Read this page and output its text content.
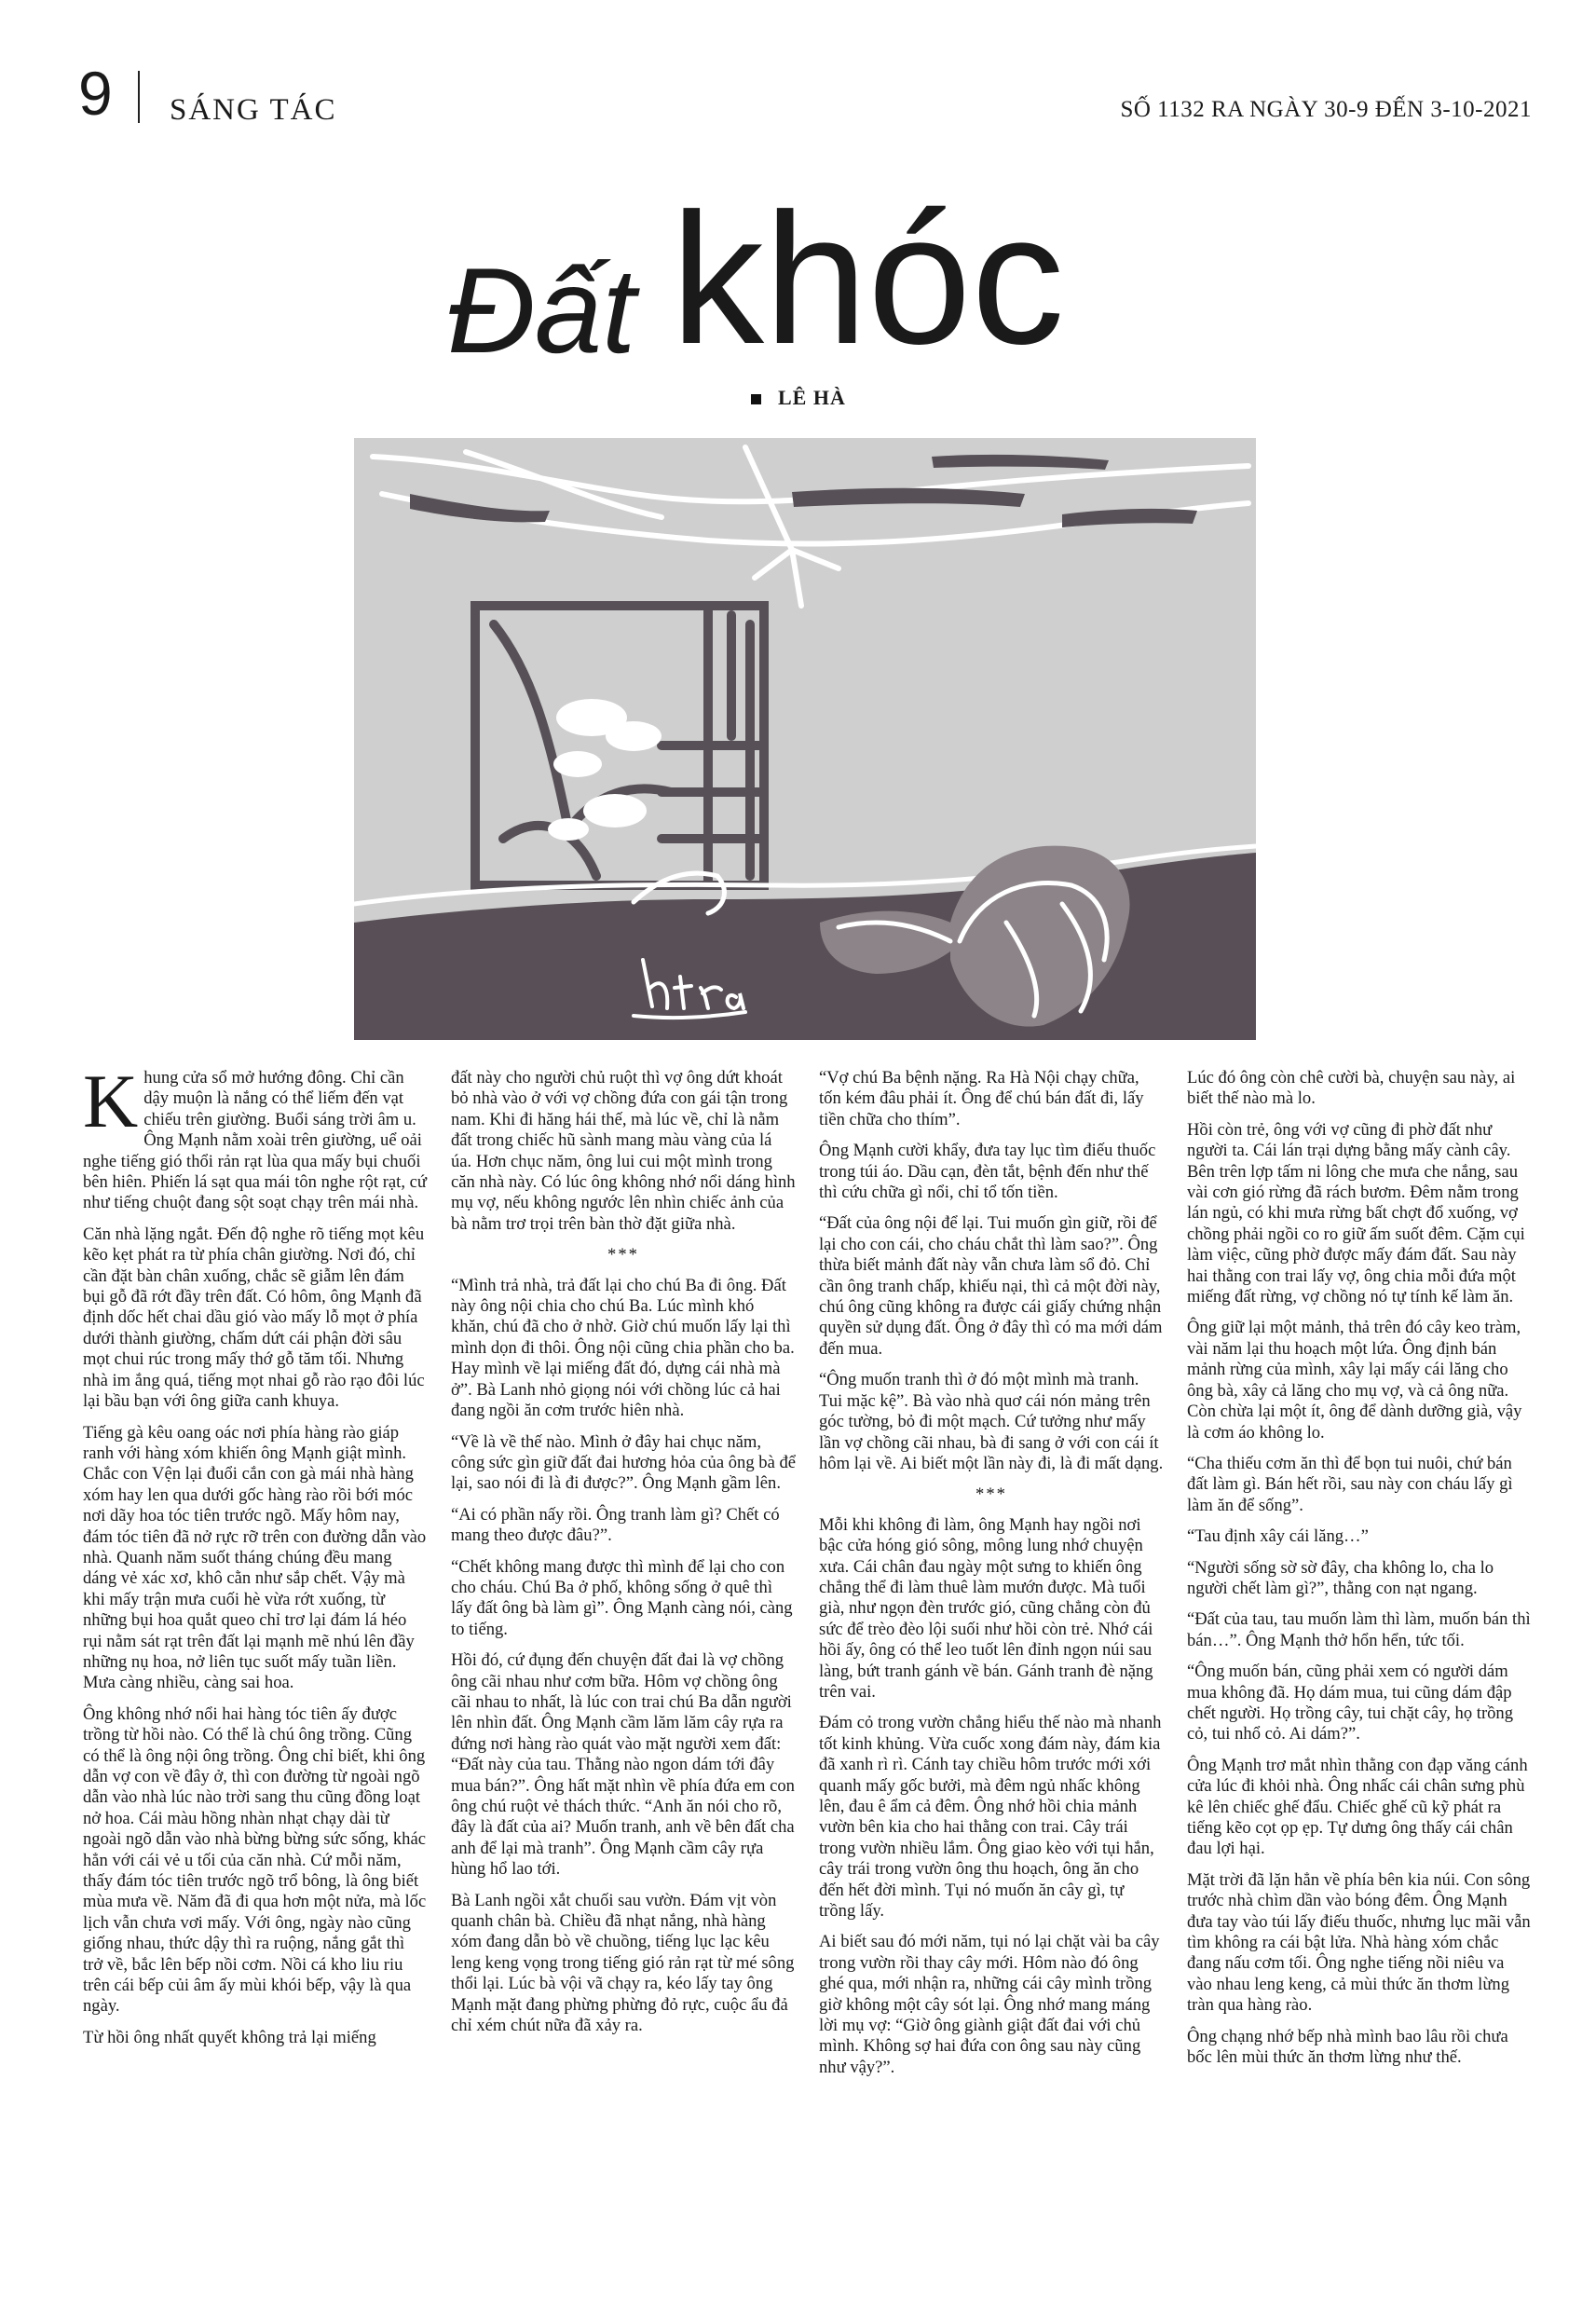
9 SÁNG TÁC	SỐ 1132 RA NGÀY 30-9 ĐẾN 3-10-2021
Đất khóc
LÊ HÀ

Khung cửa sổ mở hướng đông. Chỉ cần dậy muộn là nắng có thể liếm đến vạt chiếu trên giường. Buổi sáng trời âm u. Ông Mạnh nằm xoài trên giường, uể oải nghe tiếng gió thổi rản rạt lùa qua mấy bụi chuối bên hiên. Phiến lá sạt qua mái tôn nghe rột rạt, cứ như tiếng chuột đang sột soạt chạy trên mái nhà.

Căn nhà lặng ngắt. Đến độ nghe rõ tiếng mọt kêu kẽo kẹt phát ra từ phía chân giường. Nơi đó, chỉ cần đặt bàn chân xuống, chắc sẽ giẫm lên đám bụi gỗ đã rớt đầy trên đất. Có hôm, ông Mạnh đã định dốc hết chai dầu gió vào mấy lỗ mọt ở phía dưới thành giường, chấm dứt cái phận đời sâu mọt chui rúc trong mấy thớ gỗ tăm tối. Nhưng nhà im ắng quá, tiếng mọt nhai gỗ rào rạo đôi lúc lại bầu bạn với ông giữa canh khuya.

Tiếng gà kêu oang oác nơi phía hàng rào giáp ranh với hàng xóm khiến ông Mạnh giật mình. Chắc con Vện lại đuổi cắn con gà mái nhà hàng xóm hay len qua dưới gốc hàng rào rồi bới móc nơi dãy hoa tóc tiên trước ngõ. Mấy hôm nay, đám tóc tiên đã nở rực rỡ trên con đường dẫn vào nhà. Quanh năm suốt tháng chúng đều mang dáng vẻ xác xơ, khô cằn như sắp chết. Vậy mà khi mấy trận mưa cuối hè vừa rớt xuống, từ những bụi hoa quắt queo chỉ trơ lại đám lá héo rụi nằm sát rạt trên đất lại mạnh mẽ nhú lên đầy những nụ hoa, nở liên tục suốt mấy tuần liền. Mưa càng nhiều, càng sai hoa.

Ông không nhớ nổi hai hàng tóc tiên ấy được trồng từ hồi nào. Có thể là chú ông trồng. Cũng có thể là ông nội ông trồng. Ông chỉ biết, khi ông dẫn vợ con về đây ở, thì con đường từ ngoài ngõ dẫn vào nhà lúc nào trời sang thu cũng đồng loạt nở hoa. Cái màu hồng nhàn nhạt chạy dài từ ngoài ngõ dẫn vào nhà bừng bừng sức sống, khác hẳn với cái vẻ u tối của căn nhà. Cứ mỗi năm, thấy đám tóc tiên trước ngõ trổ bông, là ông biết mùa mưa về. Năm đã đi qua hơn một nửa, mà lốc lịch vẫn chưa vơi mấy. Với ông, ngày nào cũng giống nhau, thức dậy thì ra ruộng, nắng gắt thì trở về, bắc lên bếp nồi cơm. Nồi cá kho liu riu trên cái bếp củi âm ấy mùi khói bếp, vậy là qua ngày.

Từ hồi ông nhất quyết không trả lại miếng

đất này cho người chủ ruột thì vợ ông dứt khoát bỏ nhà vào ở với vợ chồng đứa con gái tận trong nam. Khi đi hăng hái thế, mà lúc về, chỉ là nằm đất trong chiếc hũ sành mang màu vàng của lá úa. Hơn chục năm, ông lui cui một mình trong căn nhà này. Có lúc ông không nhớ nổi dáng hình mụ vợ, nếu không ngước lên nhìn chiếc ảnh của bà nằm trơ trọi trên bàn thờ đặt giữa nhà.

***

“Mình trả nhà, trả đất lại cho chú Ba đi ông. Đất này ông nội chia cho chú Ba. Lúc mình khó khăn, chú đã cho ở nhờ. Giờ chú muốn lấy lại thì mình dọn đi thôi. Ông nội cũng chia phần cho ba. Hay mình về lại miếng đất đó, dựng cái nhà mà ở”. Bà Lanh nhỏ giọng nói với chồng lúc cả hai đang ngồi ăn cơm trước hiên nhà.

“Về là về thế nào. Mình ở đây hai chục năm, công sức gìn giữ đất đai hương hỏa của ông bà để lại, sao nói đi là đi được?”. Ông Mạnh gầm lên.

“Ai có phần nấy rồi. Ông tranh làm gì? Chết có mang theo được đâu?”.

“Chết không mang được thì mình để lại cho con cho cháu. Chú Ba ở phố, không sống ở quê thì lấy đất ông bà làm gì”. Ông Mạnh càng nói, càng to tiếng.

Hồi đó, cứ đụng đến chuyện đất đai là vợ chồng ông cãi nhau như cơm bữa. Hôm vợ chồng ông cãi nhau to nhất, là lúc con trai chú Ba dẫn người lên nhìn đất. Ông Mạnh cầm lăm lăm cây rựa ra đứng nơi hàng rào quát vào mặt người xem đất: “Đất này của tau. Thằng nào ngon dám tới đây mua bán?”. Ông hất mặt nhìn về phía đứa em con ông chú ruột vẻ thách thức. “Anh ăn nói cho rõ, đây là đất của ai? Muốn tranh, anh về bên đất cha anh để lại mà tranh”. Ông Mạnh cầm cây rựa hùng hổ lao tới.

Bà Lanh ngồi xắt chuối sau vườn. Đám vịt vòn quanh chân bà. Chiều đã nhạt nắng, nhà hàng xóm đang dẫn bò về chuồng, tiếng lục lạc kêu leng keng vọng trong tiếng gió rản rạt từ mé sông thổi lại. Lúc bà vội vã chạy ra, kéo lấy tay ông Mạnh mặt đang phừng phừng đỏ rực, cuộc ẩu đả chỉ xém chút nữa đã xảy ra.

“Vợ chú Ba bệnh nặng. Ra Hà Nội chạy chữa, tốn kém đâu phải ít. Ông để chú bán đất đi, lấy tiền chữa cho thím”.

Ông Mạnh cười khẩy, đưa tay lục tìm điếu thuốc trong túi áo. Dầu cạn, đèn tắt, bệnh đến như thế thì cứu chữa gì nổi, chỉ tổ tốn tiền.

“Đất của ông nội để lại. Tui muốn gìn giữ, rồi để lại cho con cái, cho cháu chắt thì làm sao?”. Ông thừa biết mảnh đất này vẫn chưa làm sổ đỏ. Chỉ cần ông tranh chấp, khiếu nại, thì cả một đời này, chú ông cũng không ra được cái giấy chứng nhận quyền sử dụng đất. Ông ở đây thì có ma mới dám đến mua.

“Ông muốn tranh thì ở đó một mình mà tranh. Tui mặc kệ”. Bà vào nhà quơ cái nón mảng trên góc tường, bỏ đi một mạch. Cứ tưởng như mấy lần vợ chồng cãi nhau, bà đi sang ở với con cái ít hôm lại về. Ai biết một lần này đi, là đi mất dạng.

***

Mỗi khi không đi làm, ông Mạnh hay ngồi nơi bậc cửa hóng gió sông, mông lung nhớ chuyện xưa. Cái chân đau ngày một sưng to khiến ông chẳng thể đi làm thuê làm mướn được. Mà tuổi già, như ngọn đèn trước gió, cũng chẳng còn đủ sức để trèo đèo lội suối như hồi còn trẻ. Nhớ cái hồi ấy, ông có thể leo tuốt lên đỉnh ngọn núi sau làng, bứt tranh gánh về bán. Gánh tranh đè nặng trên vai.

Đám cỏ trong vườn chẳng hiểu thế nào mà nhanh tốt kinh khủng. Vừa cuốc xong đám này, đám kia đã xanh rì rì. Cánh tay chiều hôm trước mới xới quanh mấy gốc bưởi, mà đêm ngủ nhấc không lên, đau ê ẩm cả đêm. Ông nhớ hồi chia mảnh vườn bên kia cho hai thằng con trai. Cây trái trong vườn nhiều lắm. Ông giao kèo với tụi hắn, cây trái trong vườn ông thu hoạch, ông ăn cho đến hết đời mình. Tụi nó muốn ăn cây gì, tự trồng lấy.

Ai biết sau đó mới năm, tụi nó lại chặt vài ba cây trong vườn rồi thay cây mới. Hôm nào đó ông ghé qua, mới nhận ra, những cái cây mình trồng giờ không một cây sót lại. Ông nhớ mang máng lời mụ vợ: “Giờ ông giành giật đất đai với chủ mình. Không sợ hai đứa con ông sau này cũng như vậy?”.

Lúc đó ông còn chê cười bà, chuyện sau này, ai biết thế nào mà lo.

Hồi còn trẻ, ông với vợ cũng đi phờ đất như người ta. Cái lán trại dựng bằng mấy cành cây. Bên trên lợp tấm ni lông che mưa che nắng, sau vài cơn gió rừng đã rách bươm. Đêm nằm trong lán ngủ, có khi mưa rừng bất chợt đổ xuống, vợ chồng phải ngồi co ro giữ ấm suốt đêm. Cặm cụi làm việc, cũng phờ được mấy đám đất. Sau này hai thằng con trai lấy vợ, ông chia mỗi đứa một miếng đất rừng, vợ chồng nó tự tính kế làm ăn.

Ông giữ lại một mảnh, thả trên đó cây keo tràm, vài năm lại thu hoạch một lứa. Ông định bán mảnh rừng của mình, xây lại mấy cái lăng cho ông bà, xây cả lăng cho mụ vợ, và cả ông nữa. Còn chừa lại một ít, ông để dành dưỡng già, vậy là cơm áo không lo.

“Cha thiếu cơm ăn thì để bọn tui nuôi, chứ bán đất làm gì. Bán hết rồi, sau này con cháu lấy gì làm ăn để sống”.

“Tau định xây cái lăng…”

“Người sống sờ sờ đây, cha không lo, cha lo người chết làm gì?”, thằng con nạt ngang.

“Đất của tau, tau muốn làm thì làm, muốn bán thì bán…”. Ông Mạnh thở hổn hển, tức tối.

“Ông muốn bán, cũng phải xem có người dám mua không đã. Họ dám mua, tui cũng dám đập chết người. Họ trồng cây, tui chặt cây, họ trồng cỏ, tui nhổ cỏ. Ai dám?”.

Ông Mạnh trơ mắt nhìn thằng con đạp văng cánh cửa lúc đi khỏi nhà. Ông nhấc cái chân sưng phù kê lên chiếc ghế đẩu. Chiếc ghế cũ kỹ phát ra tiếng kẽo cọt ọp ẹp. Tự dưng ông thấy cái chân đau lợi hại.

Mặt trời đã lặn hẳn về phía bên kia núi. Con sông trước nhà chìm dần vào bóng đêm. Ông Mạnh đưa tay vào túi lấy điếu thuốc, nhưng lục mãi vẫn tìm không ra cái bật lửa. Nhà hàng xóm chắc đang nấu cơm tối. Ông nghe tiếng nồi niêu va vào nhau leng keng, cả mùi thức ăn thơm lừng tràn qua hàng rào.

Ông chạng nhớ bếp nhà mình bao lâu rồi chưa bốc lên mùi thức ăn thơm lừng như thế.
